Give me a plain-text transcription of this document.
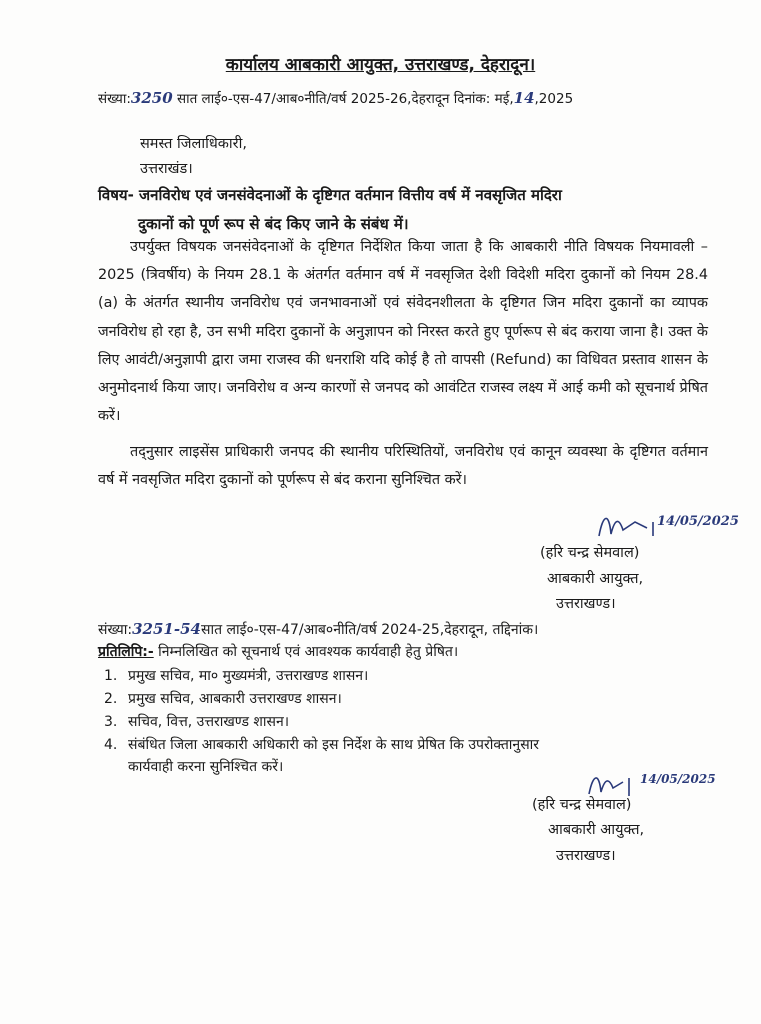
कार्यालय आबकारी आयुक्त, उत्तराखण्ड, देहरादून।
संख्या:3250 सात लाई०-एस-47/आब०नीति/वर्ष 2025-26,देहरादून दिनांक: मई,14,2025
समस्त जिलाधिकारी,
उत्तराखंड।
विषय- जनविरोध एवं जनसंवेदनाओं के दृष्टिगत वर्तमान वित्तीय वर्ष में नवसृजित मदिरा
दुकानों को पूर्ण रूप से बंद किए जाने के संबंध में।
उपर्युक्त विषयक जनसंवेदनाओं के दृष्टिगत निर्देशित किया जाता है कि आबकारी नीति विषयक नियमावली – 2025 (त्रिवर्षीय) के नियम 28.1 के अंतर्गत वर्तमान वर्ष में नवसृजित देशी विदेशी मदिरा दुकानों को नियम 28.4 (a) के अंतर्गत स्थानीय जनविरोध एवं जनभावनाओं एवं संवेदनशीलता के दृष्टिगत जिन मदिरा दुकानों का व्यापक जनविरोध हो रहा है, उन सभी मदिरा दुकानों के अनुज्ञापन को निरस्त करते हुए पूर्णरूप से बंद कराया जाना है। उक्त के लिए आवंटी/अनुज्ञापी द्वारा जमा राजस्व की धनराशि यदि कोई है तो वापसी (Refund) का विधिवत प्रस्ताव शासन के अनुमोदनार्थ किया जाए। जनविरोध व अन्य कारणों से जनपद को आवंटित राजस्व लक्ष्य में आई कमी को सूचनार्थ प्रेषित करें।
तद्नुसार लाइसेंस प्राधिकारी जनपद की स्थानीय परिस्थितियों, जनविरोध एवं कानून व्यवस्था के दृष्टिगत वर्तमान वर्ष में नवसृजित मदिरा दुकानों को पूर्णरूप से बंद कराना सुनिश्चित करें।
14/05/2025
(हरि चन्द्र सेमवाल)
आबकारी आयुक्त,
उत्तराखण्ड।
संख्या:3251-54सात लाई०-एस-47/आब०नीति/वर्ष 2024-25,देहरादून, तद्दिनांक।
प्रतिलिपि:- निम्नलिखित को सूचनार्थ एवं आवश्यक कार्यवाही हेतु प्रेषित।
1. प्रमुख सचिव, मा० मुख्यमंत्री, उत्तराखण्ड शासन।
2. प्रमुख सचिव, आबकारी उत्तराखण्ड शासन।
3. सचिव, वित्त, उत्तराखण्ड शासन।
4. संबंधित जिला आबकारी अधिकारी को इस निर्देश के साथ प्रेषित कि उपरोक्तानुसार
कार्यवाही करना सुनिश्चित करें।
14/05/2025
(हरि चन्द्र सेमवाल)
आबकारी आयुक्त,
उत्तराखण्ड।
